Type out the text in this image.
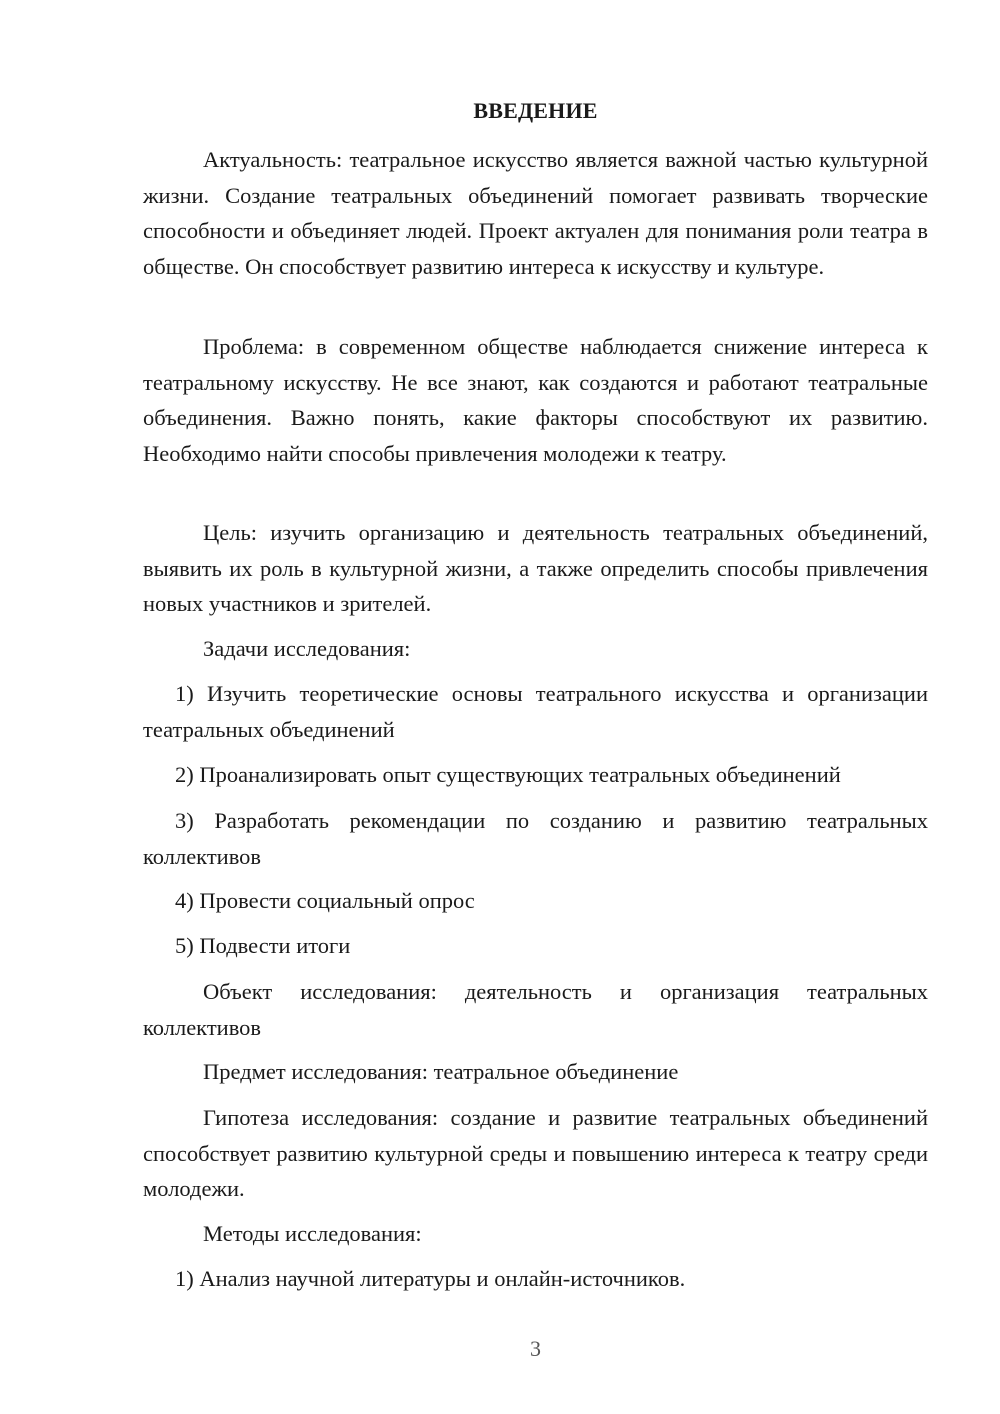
ВВЕДЕНИЕ

Актуальность: театральное искусство является важной частью культурной жизни. Создание театральных объединений помогает развивать творческие способности и объединяет людей. Проект актуален для понимания роли театра в обществе. Он способствует развитию интереса к искусству и культуре.

Проблема: в современном обществе наблюдается снижение интереса к театральному искусству. Не все знают, как создаются и работают театральные объединения. Важно понять, какие факторы способствуют их развитию. Необходимо найти способы привлечения молодежи к театру.

Цель: изучить организацию и деятельность театральных объединений, выявить их роль в культурной жизни, а также определить способы привлечения новых участников и зрителей.

Задачи исследования:

1) Изучить теоретические основы театрального искусства и организации театральных объединений

2) Проанализировать опыт существующих театральных объединений

3) Разработать рекомендации по созданию и развитию театральных коллективов

4) Провести социальный опрос

5) Подвести итоги

Объект исследования: деятельность и организация театральных коллективов

Предмет исследования: театральное объединение

Гипотеза исследования: создание и развитие театральных объединений способствует развитию культурной среды и повышению интереса к театру среди молодежи.

Методы исследования:

1) Анализ научной литературы и онлайн-источников.

3
